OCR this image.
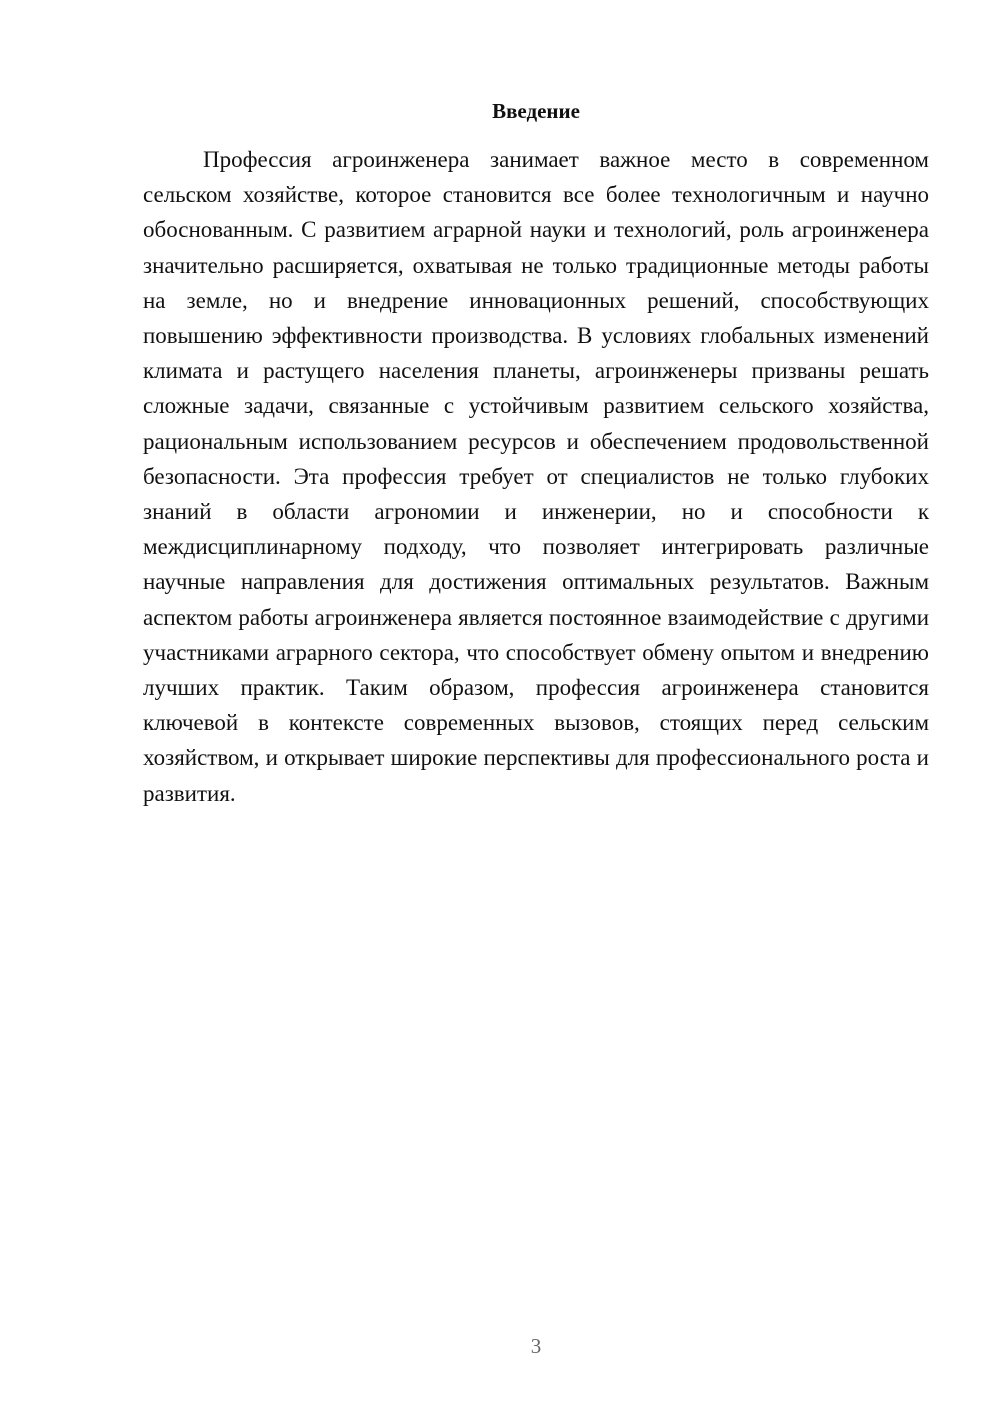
Введение

Профессия агроинженера занимает важное место в современном сельском хозяйстве, которое становится все более технологичным и научно обоснованным. С развитием аграрной науки и технологий, роль агроинженера значительно расширяется, охватывая не только традиционные методы работы на земле, но и внедрение инновационных решений, способствующих повышению эффективности производства. В условиях глобальных изменений климата и растущего населения планеты, агроинженеры призваны решать сложные задачи, связанные с устойчивым развитием сельского хозяйства, рациональным использованием ресурсов и обеспечением продовольственной безопасности. Эта профессия требует от специалистов не только глубоких знаний в области агрономии и инженерии, но и способности к междисциплинарному подходу, что позволяет интегрировать различные научные направления для достижения оптимальных результатов. Важным аспектом работы агроинженера является постоянное взаимодействие с другими участниками аграрного сектора, что способствует обмену опытом и внедрению лучших практик. Таким образом, профессия агроинженера становится ключевой в контексте современных вызовов, стоящих перед сельским хозяйством, и открывает широкие перспективы для профессионального роста и развития.

3
